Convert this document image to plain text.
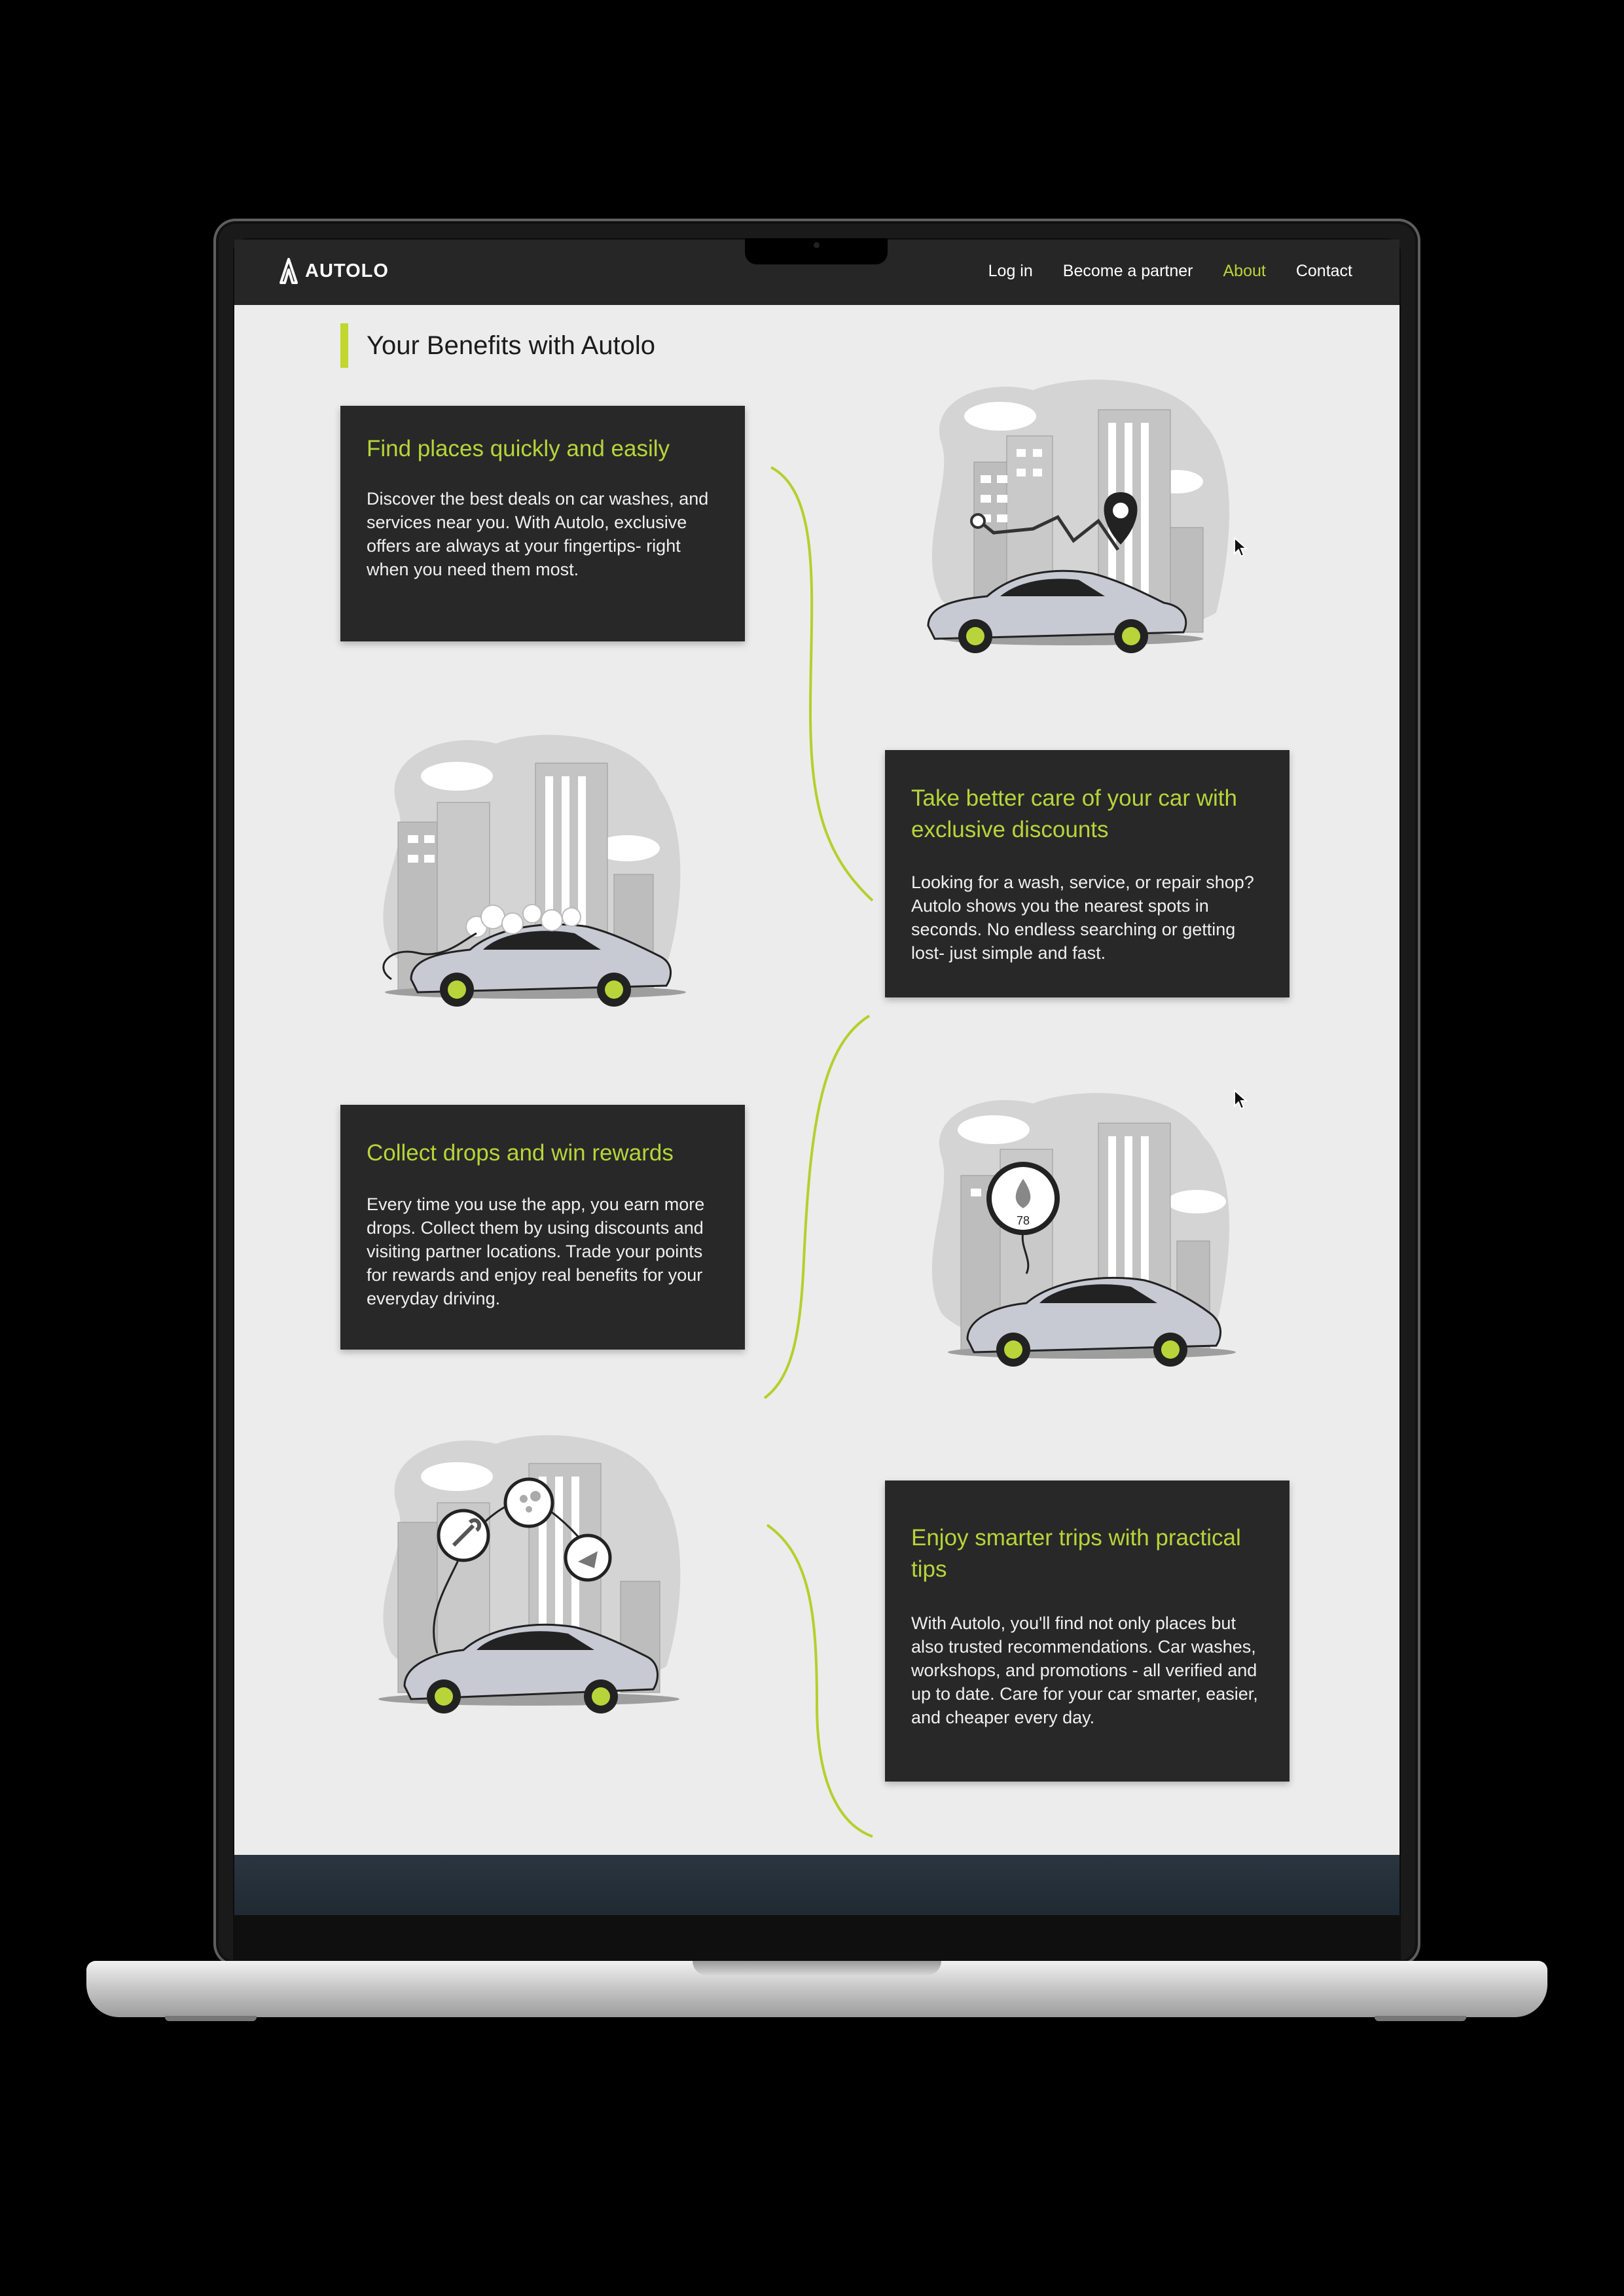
AUTOLO	Log in Become a partner About Contact
Your Benefits with Autolo
Find places quickly and easily

Discover the best deals on car washes, and services near you. With Autolo, exclusive offers are always at your fingertips- right when you need them most.

Take better care of your car with exclusive discounts

Looking for a wash, service, or repair shop? Autolo shows you the nearest spots in seconds. No endless searching or getting lost- just simple and fast.

Collect drops and win rewards

Every time you use the app, you earn more drops. Collect them by using discounts and visiting partner locations. Trade your points for rewards and enjoy real benefits for your everyday driving.

Enjoy smarter trips with practical tips

With Autolo, you'll find not only places but also trusted recommendations. Car washes, workshops, and promotions - all verified and up to date. Care for your car smarter, easier, and cheaper every day.

78
